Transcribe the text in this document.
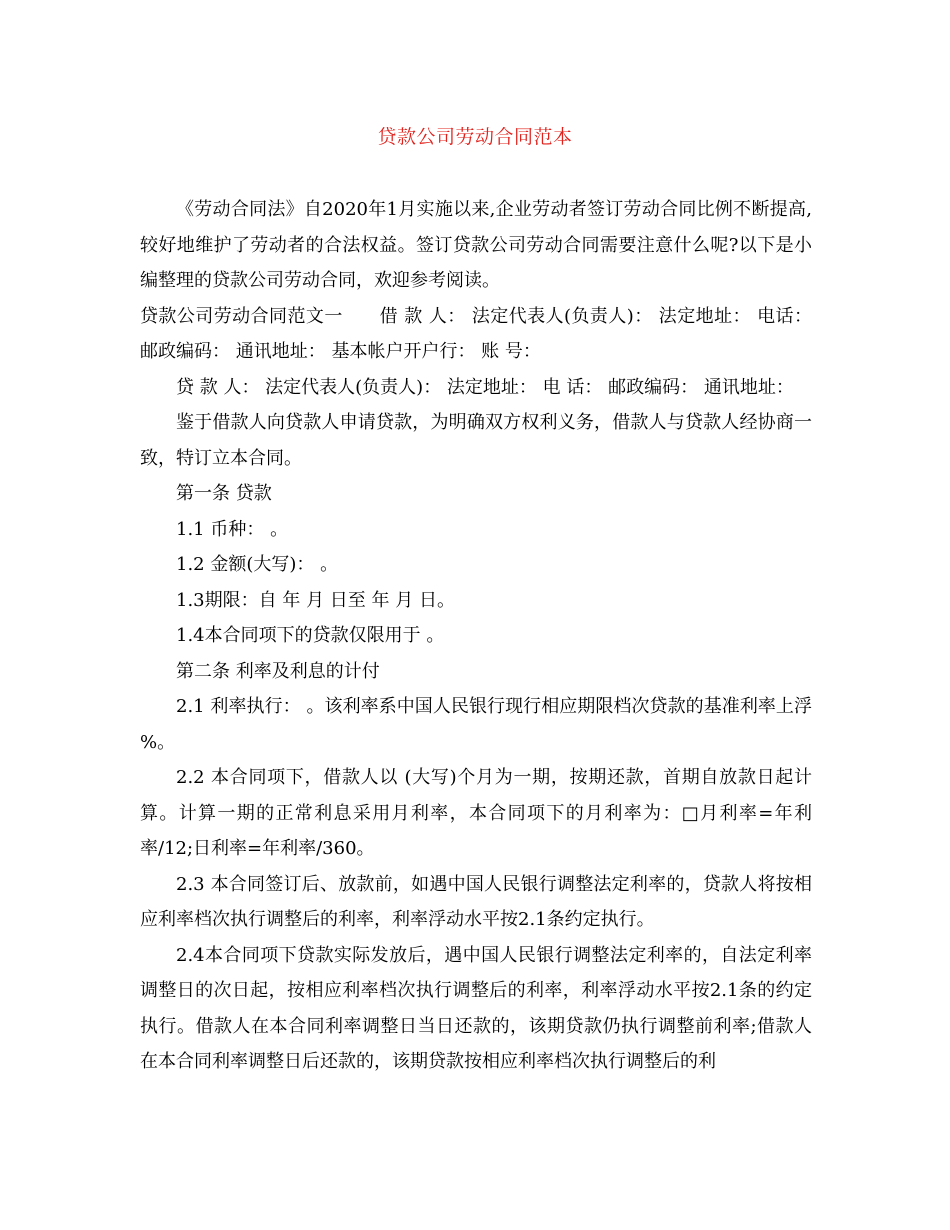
贷款公司劳动合同范本

《劳动合同法》自2020年1月实施以来,企业劳动者签订劳动合同比例不断提高,较好地维护了劳动者的合法权益。签订贷款公司劳动合同需要注意什么呢?以下是小编整理的贷款公司劳动合同，欢迎参考阅读。

贷款公司劳动合同范文一　　借 款 人： 法定代表人(负责人)： 法定地址： 电话： 邮政编码： 通讯地址： 基本帐户开户行： 账 号：

贷 款 人： 法定代表人(负责人)： 法定地址： 电 话： 邮政编码： 通讯地址：

鉴于借款人向贷款人申请贷款，为明确双方权利义务，借款人与贷款人经协商一致，特订立本合同。

第一条 贷款

1.1 币种： 。

1.2 金额(大写)： 。

1.3期限：自 年 月 日至 年 月 日。

1.4本合同项下的贷款仅限用于 。

第二条 利率及利息的计付

2.1 利率执行： 。该利率系中国人民银行现行相应期限档次贷款的基准利率上浮 %。

2.2 本合同项下，借款人以 (大写)个月为一期，按期还款，首期自放款日起计算。计算一期的正常利息采用月利率，本合同项下的月利率为：□月利率=年利率/12;日利率=年利率/360。

2.3 本合同签订后、放款前，如遇中国人民银行调整法定利率的，贷款人将按相应利率档次执行调整后的利率，利率浮动水平按2.1条约定执行。

2.4本合同项下贷款实际发放后，遇中国人民银行调整法定利率的，自法定利率调整日的次日起，按相应利率档次执行调整后的利率，利率浮动水平按2.1条的约定执行。借款人在本合同利率调整日当日还款的，该期贷款仍执行调整前利率;借款人在本合同利率调整日后还款的，该期贷款按相应利率档次执行调整后的利
